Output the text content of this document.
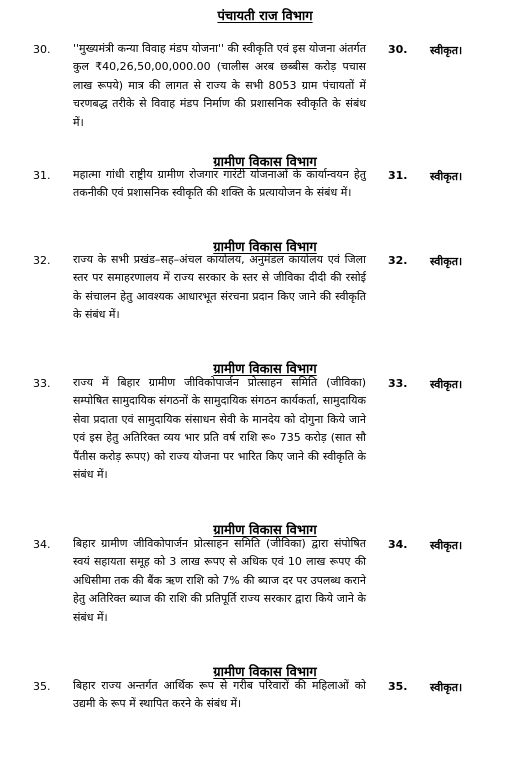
पंचायती राज विभाग
30.	''मुख्यमंत्री कन्या विवाह मंडप योजना'' की स्वीकृति एवं इस योजना अंतर्गत कुल ₹40,26,50,00,000.00 (चालीस अरब छब्बीस करोड़ पचास लाख रूपये) मात्र की लागत से राज्य के सभी 8053 ग्राम पंचायतों में चरणबद्ध तरीके से विवाह मंडप निर्माण की प्रशासनिक स्वीकृति के संबंध में।
30.	स्वीकृत।
ग्रामीण विकास विभाग
31.	महात्मा गांधी राष्ट्रीय ग्रामीण रोजगार गारंटी योजनाओं के कार्यान्वयन हेतु तकनीकी एवं प्रशासनिक स्वीकृति की शक्ति के प्रत्यायोजन के संबंध में।
31.	स्वीकृत।
ग्रामीण विकास विभाग
32.	राज्य के सभी प्रखंड–सह–अंचल कार्यालय, अनुमंडल कार्यालय एवं जिला स्तर पर समाहरणालय में राज्य सरकार के स्तर से जीविका दीदी की रसोई के संचालन हेतु आवश्यक आधारभूत संरचना प्रदान किए जाने की स्वीकृति के संबंध में।
32.	स्वीकृत।
ग्रामीण विकास विभाग
33.	राज्य में बिहार ग्रामीण जीविकोपार्जन प्रोत्साहन समिति (जीविका) सम्पोषित सामुदायिक संगठनों के सामुदायिक संगठन कार्यकर्ता, सामुदायिक सेवा प्रदाता एवं सामुदायिक संसाधन सेवी के मानदेय को दोगुना किये जाने एवं इस हेतु अतिरिक्त व्यय भार प्रति वर्ष राशि रू० 735 करोड़ (सात सौ पैंतीस करोड़ रूपए) को राज्य योजना पर भारित किए जाने की स्वीकृति के संबंध में।
33.	स्वीकृत।
ग्रामीण विकास विभाग
34.	बिहार ग्रामीण जीविकोपार्जन प्रोत्साहन समिति (जीविका) द्वारा संपोषित स्वयं सहायता समूह को 3 लाख रूपए से अधिक एवं 10 लाख रूपए की अधिसीमा तक की बैंक ऋण राशि को 7% की ब्याज दर पर उपलब्ध कराने हेतु अतिरिक्त ब्याज की राशि की प्रतिपूर्ति राज्य सरकार द्वारा किये जाने के संबंध में।
34.	स्वीकृत।
ग्रामीण विकास विभाग
35.	बिहार राज्य अन्तर्गत आर्थिक रूप से गरीब परिवारों की महिलाओं को उद्यमी के रूप में स्थापित करने के संबंध में।
35.	स्वीकृत।
